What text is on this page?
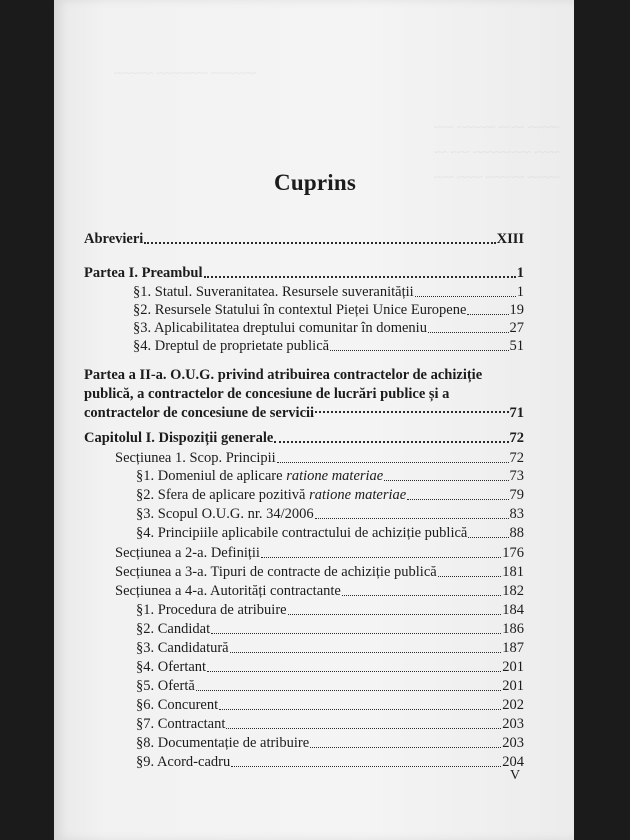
~~~~~~~ ~~~~~~~~ ~~~~~~
~~~~~ ~~~~ ~~~~~~ ~~~
~~~~ ~~~~~~~~~ ~~~ ~~
~~~~~ ~~~~~~ ~~~~ ~~~
Cuprins
Abrevieri	XIII
Partea I. Preambul	1
§1. Statul. Suveranitatea. Resursele suveranității	1
§2. Resursele Statului în contextul Pieței Unice Europene	19
§3. Aplicabilitatea dreptului comunitar în domeniu	27
§4. Dreptul de proprietate publică	51
Partea a II-a. O.U.G. privind atribuirea contractelor de achiziție
publică, a contractelor de concesiune de lucrări publice și a
contractelor de concesiune de servicii	71
Capitolul I. Dispoziții generale	72
Secțiunea 1. Scop. Principii	72
§1. Domeniul de aplicare ratione materiae	73
§2. Sfera de aplicare pozitivă ratione materiae	79
§3. Scopul O.U.G. nr. 34/2006	83
§4. Principiile aplicabile contractului de achiziție publică	88
Secțiunea a 2-a. Definiții	176
Secțiunea a 3-a. Tipuri de contracte de achiziție publică	181
Secțiunea a 4-a. Autorități contractante	182
§1. Procedura de atribuire	184
§2. Candidat	186
§3. Candidatură	187
§4. Ofertant	201
§5. Ofertă	201
§6. Concurent	202
§7. Contractant	203
§8. Documentație de atribuire	203
§9. Acord-cadru	204
V
